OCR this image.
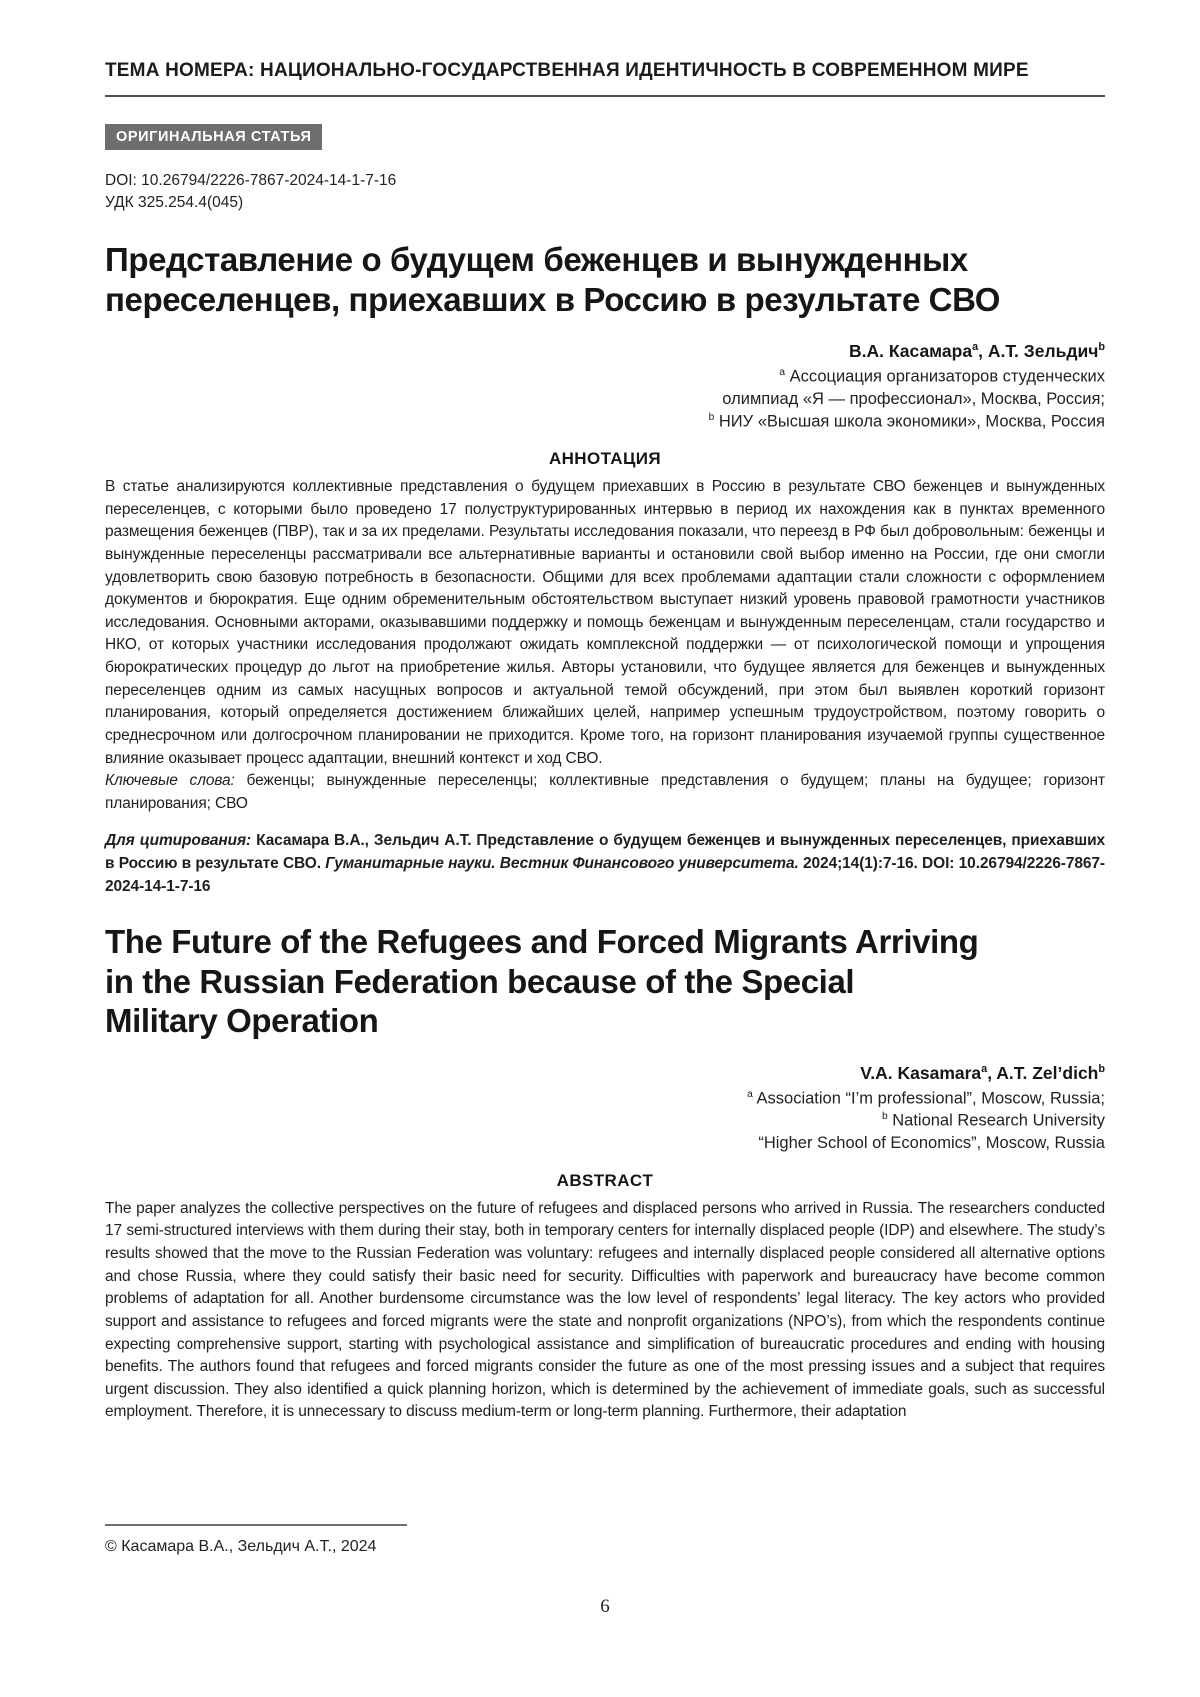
ТЕМА НОМЕРА: НАЦИОНАЛЬНО-ГОСУДАРСТВЕННАЯ ИДЕНТИЧНОСТЬ В СОВРЕМЕННОМ МИРЕ
ОРИГИНАЛЬНАЯ СТАТЬЯ
DOI: 10.26794/2226-7867-2024-14-1-7-16
УДК 325.254.4(045)
Представление о будущем беженцев и вынужденных
переселенцев, приехавших в Россию в результате СВО
В.А. Касамара$^a$, А.Т. Зельдич$^b$
$^a$ Ассоциация организаторов студенческих
олимпиад «Я — профессионал», Москва, Россия;
$^b$ НИУ «Высшая школа экономики», Москва, Россия
АННОТАЦИЯ

В статье анализируются коллективные представления о будущем приехавших в Россию в результате СВО беженцев и вынужденных переселенцев, с которыми было проведено 17 полуструктурированных интервью в период их нахождения как в пунктах временного размещения беженцев (ПВР), так и за их пределами. Результаты исследования показали, что переезд в РФ был добровольным: беженцы и вынужденные переселенцы рассматривали все альтернативные варианты и остановили свой выбор именно на России, где они смогли удовлетворить свою базовую потребность в безопасности. Общими для всех проблемами адаптации стали сложности с оформлением документов и бюрократия. Еще одним обременительным обстоятельством выступает низкий уровень правовой грамотности участников исследования. Основными акторами, оказывавшими поддержку и помощь беженцам и вынужденным переселенцам, стали государство и НКО, от которых участники исследования продолжают ожидать комплексной поддержки — от психологической помощи и упрощения бюрократических процедур до льгот на приобретение жилья. Авторы установили, что будущее является для беженцев и вынужденных переселенцев одним из самых насущных вопросов и актуальной темой обсуждений, при этом был выявлен короткий горизонт планирования, который определяется достижением ближайших целей, например успешным трудоустройством, поэтому говорить о среднесрочном или долгосрочном планировании не приходится. Кроме того, на горизонт планирования изучаемой группы существенное влияние оказывает процесс адаптации, внешний контекст и ход СВО.

Ключевые слова: беженцы; вынужденные переселенцы; коллективные представления о будущем; планы на будущее; горизонт планирования; СВО

Для цитирования: Касамара В.А., Зельдич А.Т. Представление о будущем беженцев и вынужденных переселенцев, приехавших в Россию в результате СВО. Гуманитарные науки. Вестник Финансового университета. 2024;14(1):7-16. DOI: 10.26794/2226-7867-2024-14-1-7-16

The Future of the Refugees and Forced Migrants Arriving
in the Russian Federation because of the Special
Military Operation
V.A. Kasamara$^a$, A.T. Zel’dich$^b$
$^a$ Association “I’m professional”, Moscow, Russia;
$^b$ National Research University
“Higher School of Economics”, Moscow, Russia
ABSTRACT

The paper analyzes the collective perspectives on the future of refugees and displaced persons who arrived in Russia. The researchers conducted 17 semi-structured interviews with them during their stay, both in temporary centers for internally displaced people (IDP) and elsewhere. The study’s results showed that the move to the Russian Federation was voluntary: refugees and internally displaced people considered all alternative options and chose Russia, where they could satisfy their basic need for security. Difficulties with paperwork and bureaucracy have become common problems of adaptation for all. Another burdensome circumstance was the low level of respondents’ legal literacy. The key actors who provided support and assistance to refugees and forced migrants were the state and nonprofit organizations (NPO’s), from which the respondents continue expecting comprehensive support, starting with psychological assistance and simplification of bureaucratic procedures and ending with housing benefits. The authors found that refugees and forced migrants consider the future as one of the most pressing issues and a subject that requires urgent discussion. They also identified a quick planning horizon, which is determined by the achievement of immediate goals, such as successful employment. Therefore, it is unnecessary to discuss medium-term or long-term planning. Furthermore, their adaptation

© Касамара В.А., Зельдич А.Т., 2024
6
